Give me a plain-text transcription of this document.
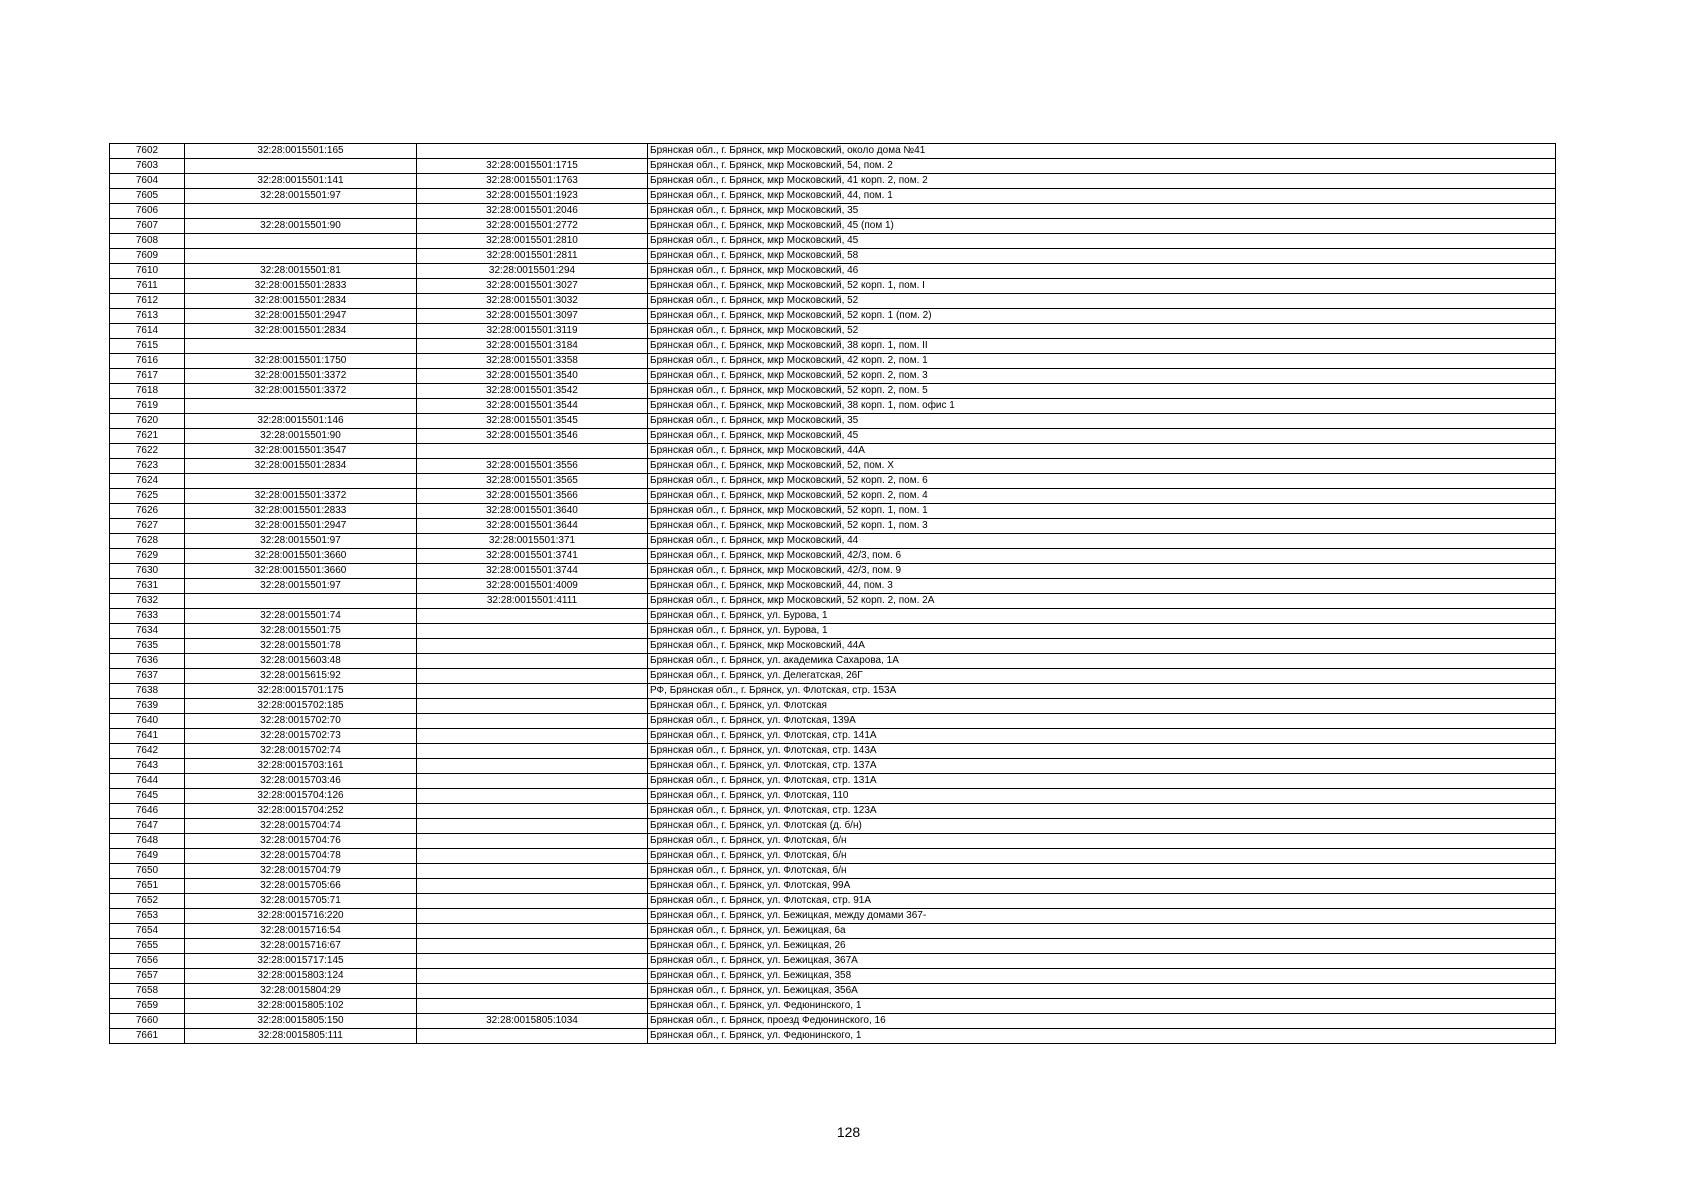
7602	32:28:0015501:165		Брянская обл., г. Брянск, мкр Московский, около дома №41
7603		32:28:0015501:1715	Брянская обл., г. Брянск, мкр Московский, 54, пом. 2
7604	32:28:0015501:141	32:28:0015501:1763	Брянская обл., г. Брянск, мкр Московский, 41 корп. 2, пом. 2
7605	32:28:0015501:97	32:28:0015501:1923	Брянская обл., г. Брянск, мкр Московский, 44, пом. 1
7606		32:28:0015501:2046	Брянская обл., г. Брянск, мкр Московский, 35
7607	32:28:0015501:90	32:28:0015501:2772	Брянская обл., г. Брянск, мкр Московский, 45 (пом 1)
7608		32:28:0015501:2810	Брянская обл., г. Брянск, мкр Московский, 45
7609		32:28:0015501:2811	Брянская обл., г. Брянск, мкр Московский, 58
7610	32:28:0015501:81	32:28:0015501:294	Брянская обл., г. Брянск, мкр Московский, 46
7611	32:28:0015501:2833	32:28:0015501:3027	Брянская обл., г. Брянск, мкр Московский, 52 корп. 1, пом. I
7612	32:28:0015501:2834	32:28:0015501:3032	Брянская обл., г. Брянск, мкр Московский, 52
7613	32:28:0015501:2947	32:28:0015501:3097	Брянская обл., г. Брянск, мкр Московский, 52 корп. 1 (пом. 2)
7614	32:28:0015501:2834	32:28:0015501:3119	Брянская обл., г. Брянск, мкр Московский, 52
7615		32:28:0015501:3184	Брянская обл., г. Брянск, мкр Московский, 38 корп. 1, пом. II
7616	32:28:0015501:1750	32:28:0015501:3358	Брянская обл., г. Брянск, мкр Московский, 42 корп. 2, пом. 1
7617	32:28:0015501:3372	32:28:0015501:3540	Брянская обл., г. Брянск, мкр Московский, 52 корп. 2, пом. 3
7618	32:28:0015501:3372	32:28:0015501:3542	Брянская обл., г. Брянск, мкр Московский, 52 корп. 2, пом. 5
7619		32:28:0015501:3544	Брянская обл., г. Брянск, мкр Московский, 38 корп. 1, пом. офис 1
7620	32:28:0015501:146	32:28:0015501:3545	Брянская обл., г. Брянск, мкр Московский, 35
7621	32:28:0015501:90	32:28:0015501:3546	Брянская обл., г. Брянск, мкр Московский, 45
7622	32:28:0015501:3547		Брянская обл., г. Брянск, мкр Московский, 44А
7623	32:28:0015501:2834	32:28:0015501:3556	Брянская обл., г. Брянск, мкр Московский, 52, пом. X
7624		32:28:0015501:3565	Брянская обл., г. Брянск, мкр Московский, 52 корп. 2, пом. 6
7625	32:28:0015501:3372	32:28:0015501:3566	Брянская обл., г. Брянск, мкр Московский, 52 корп. 2, пом. 4
7626	32:28:0015501:2833	32:28:0015501:3640	Брянская обл., г. Брянск, мкр Московский, 52 корп. 1, пом. 1
7627	32:28:0015501:2947	32:28:0015501:3644	Брянская обл., г. Брянск, мкр Московский, 52 корп. 1, пом. 3
7628	32:28:0015501:97	32:28:0015501:371	Брянская обл., г. Брянск, мкр Московский, 44
7629	32:28:0015501:3660	32:28:0015501:3741	Брянская обл., г. Брянск, мкр Московский, 42/3, пом. 6
7630	32:28:0015501:3660	32:28:0015501:3744	Брянская обл., г. Брянск, мкр Московский, 42/3, пом. 9
7631	32:28:0015501:97	32:28:0015501:4009	Брянская обл., г. Брянск, мкр Московский, 44, пом. 3
7632		32:28:0015501:4111	Брянская обл., г. Брянск, мкр Московский, 52 корп. 2, пом. 2А
7633	32:28:0015501:74		Брянская обл., г. Брянск, ул. Бурова, 1
7634	32:28:0015501:75		Брянская обл., г. Брянск, ул. Бурова, 1
7635	32:28:0015501:78		Брянская обл., г. Брянск, мкр Московский, 44А
7636	32:28:0015603:48		Брянская обл., г. Брянск, ул. академика Сахарова, 1А
7637	32:28:0015615:92		Брянская обл., г. Брянск, ул. Делегатская, 26Г
7638	32:28:0015701:175		РФ, Брянская обл., г. Брянск, ул. Флотская, стр. 153А
7639	32:28:0015702:185		Брянская обл., г. Брянск, ул. Флотская
7640	32:28:0015702:70		Брянская обл., г. Брянск, ул. Флотская, 139А
7641	32:28:0015702:73		Брянская обл., г. Брянск, ул. Флотская, стр. 141А
7642	32:28:0015702:74		Брянская обл., г. Брянск, ул. Флотская, стр. 143А
7643	32:28:0015703:161		Брянская обл., г. Брянск, ул. Флотская, стр. 137А
7644	32:28:0015703:46		Брянская обл., г. Брянск, ул. Флотская, стр. 131А
7645	32:28:0015704:126		Брянская обл., г. Брянск, ул. Флотская, 110
7646	32:28:0015704:252		Брянская обл., г. Брянск, ул. Флотская, стр. 123А
7647	32:28:0015704:74		Брянская обл., г. Брянск, ул. Флотская (д. б/н)
7648	32:28:0015704:76		Брянская обл., г. Брянск, ул. Флотская, б/н
7649	32:28:0015704:78		Брянская обл., г. Брянск, ул. Флотская, б/н
7650	32:28:0015704:79		Брянская обл., г. Брянск, ул. Флотская, б/н
7651	32:28:0015705:66		Брянская обл., г. Брянск, ул. Флотская, 99А
7652	32:28:0015705:71		Брянская обл., г. Брянск, ул. Флотская, стр. 91А
7653	32:28:0015716:220		Брянская обл., г. Брянск, ул. Бежицкая, между домами 367-
7654	32:28:0015716:54		Брянская обл., г. Брянск, ул. Бежицкая, 6а
7655	32:28:0015716:67		Брянская обл., г. Брянск, ул. Бежицкая, 26
7656	32:28:0015717:145		Брянская обл., г. Брянск, ул. Бежицкая, 367А
7657	32:28:0015803:124		Брянская обл., г. Брянск, ул. Бежицкая, 358
7658	32:28:0015804:29		Брянская обл., г. Брянск, ул. Бежицкая, 356А
7659	32:28:0015805:102		Брянская обл., г. Брянск, ул. Федюнинского, 1
7660	32:28:0015805:150	32:28:0015805:1034	Брянская обл., г. Брянск, проезд Федюнинского, 16
7661	32:28:0015805:111		Брянская обл., г. Брянск, ул. Федюнинского, 1
128
